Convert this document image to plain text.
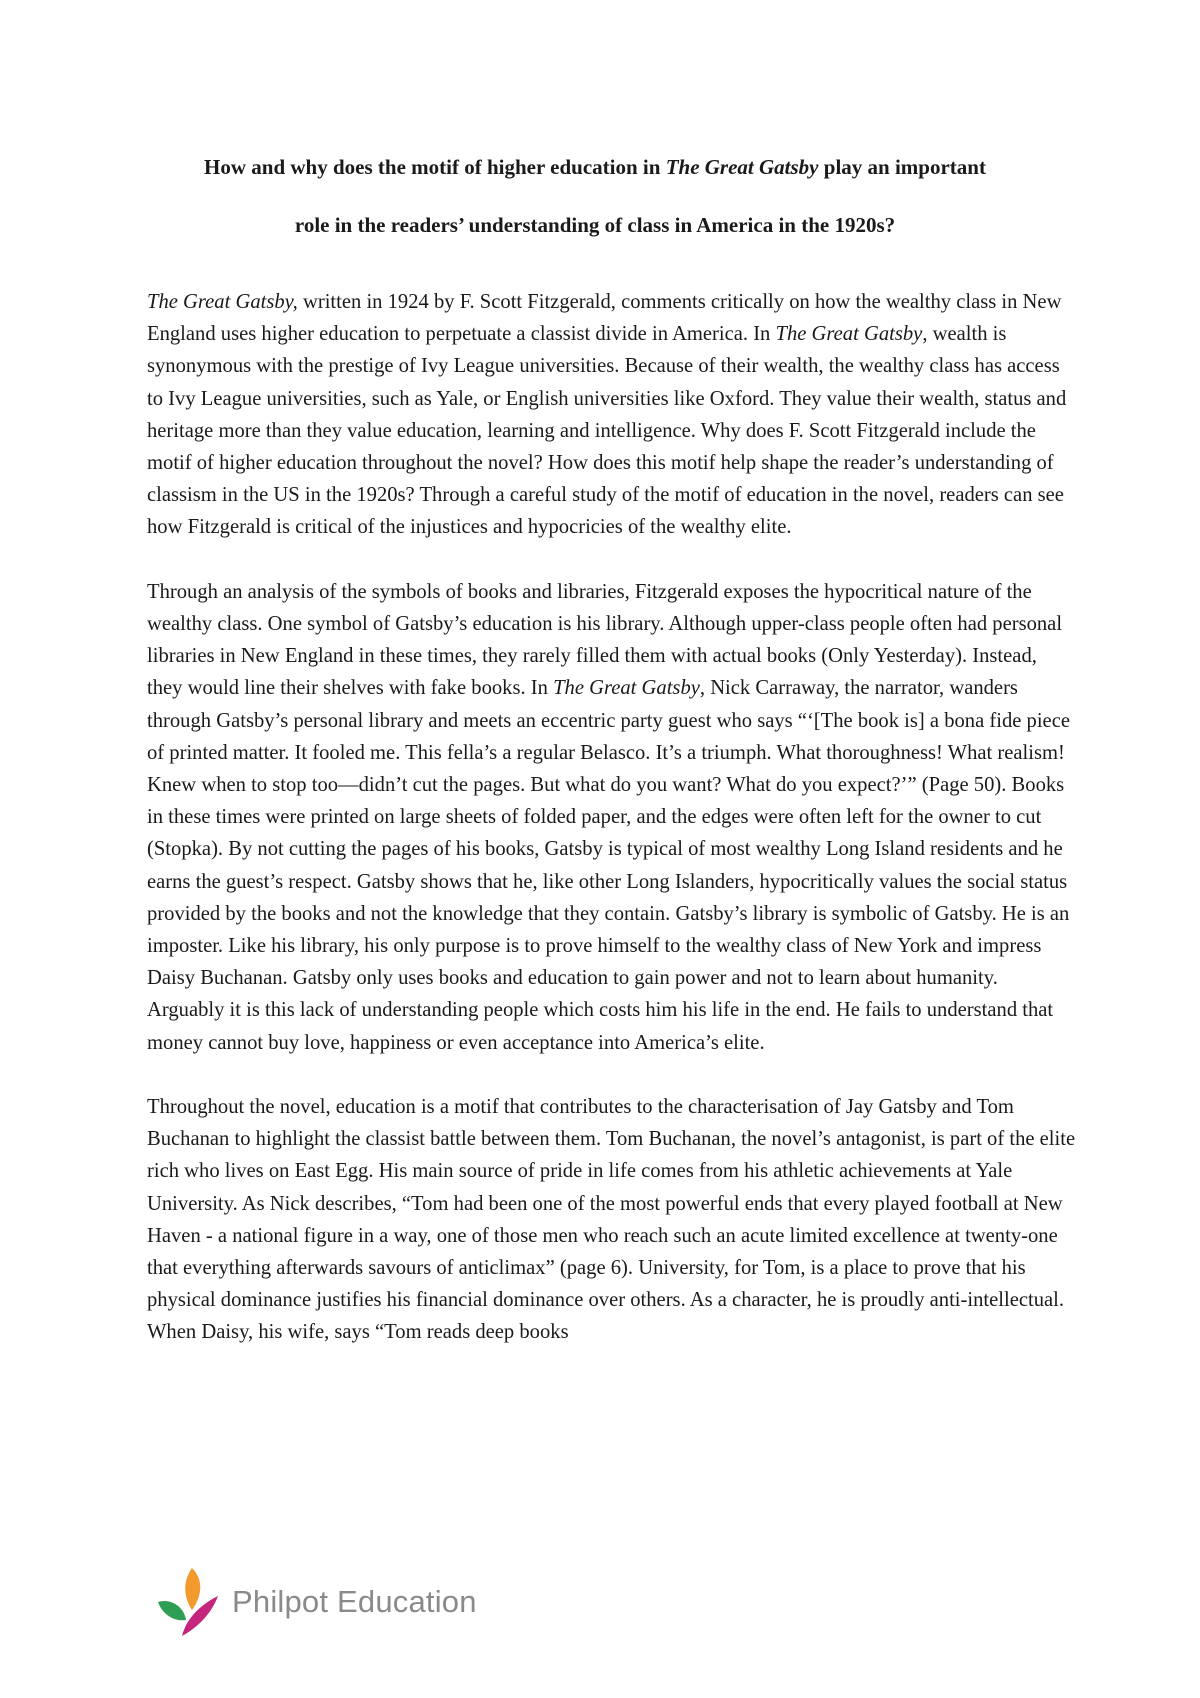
How and why does the motif of higher education in The Great Gatsby play an important
role in the readers’ understanding of class in America in the 1920s?

The Great Gatsby, written in 1924 by F. Scott Fitzgerald, comments critically on how the wealthy class in New England uses higher education to perpetuate a classist divide in America. In The Great Gatsby, wealth is synonymous with the prestige of Ivy League universities. Because of their wealth, the wealthy class has access to Ivy League universities, such as Yale, or English universities like Oxford. They value their wealth, status and heritage more than they value education, learning and intelligence. Why does F. Scott Fitzgerald include the motif of higher education throughout the novel? How does this motif help shape the reader’s understanding of classism in the US in the 1920s? Through a careful study of the motif of education in the novel, readers can see how Fitzgerald is critical of the injustices and hypocricies of the wealthy elite.

Through an analysis of the symbols of books and libraries, Fitzgerald exposes the hypocritical nature of the wealthy class. One symbol of Gatsby’s education is his library. Although upper-class people often had personal libraries in New England in these times, they rarely filled them with actual books (Only Yesterday). Instead, they would line their shelves with fake books. In The Great Gatsby, Nick Carraway, the narrator, wanders through Gatsby’s personal library and meets an eccentric party guest who says “‘[The book is] a bona fide piece of printed matter. It fooled me. This fella’s a regular Belasco. It’s a triumph. What thoroughness! What realism! Knew when to stop too—didn’t cut the pages. But what do you want? What do you expect?’” (Page 50). Books in these times were printed on large sheets of folded paper, and the edges were often left for the owner to cut (Stopka). By not cutting the pages of his books, Gatsby is typical of most wealthy Long Island residents and he earns the guest’s respect. Gatsby shows that he, like other Long Islanders, hypocritically values the social status provided by the books and not the knowledge that they contain. Gatsby’s library is symbolic of Gatsby. He is an imposter. Like his library, his only purpose is to prove himself to the wealthy class of New York and impress Daisy Buchanan. Gatsby only uses books and education to gain power and not to learn about humanity. Arguably it is this lack of understanding people which costs him his life in the end. He fails to understand that money cannot buy love, happiness or even acceptance into America’s elite.

Throughout the novel, education is a motif that contributes to the characterisation of Jay Gatsby and Tom Buchanan to highlight the classist battle between them. Tom Buchanan, the novel’s antagonist, is part of the elite rich who lives on East Egg. His main source of pride in life comes from his athletic achievements at Yale University. As Nick describes, “Tom had been one of the most powerful ends that every played football at New Haven - a national figure in a way, one of those men who reach such an acute limited excellence at twenty-one that everything afterwards savours of anticlimax” (page 6). University, for Tom, is a place to prove that his physical dominance justifies his financial dominance over others. As a character, he is proudly anti-intellectual. When Daisy, his wife, says “Tom reads deep books

Philpot Education
